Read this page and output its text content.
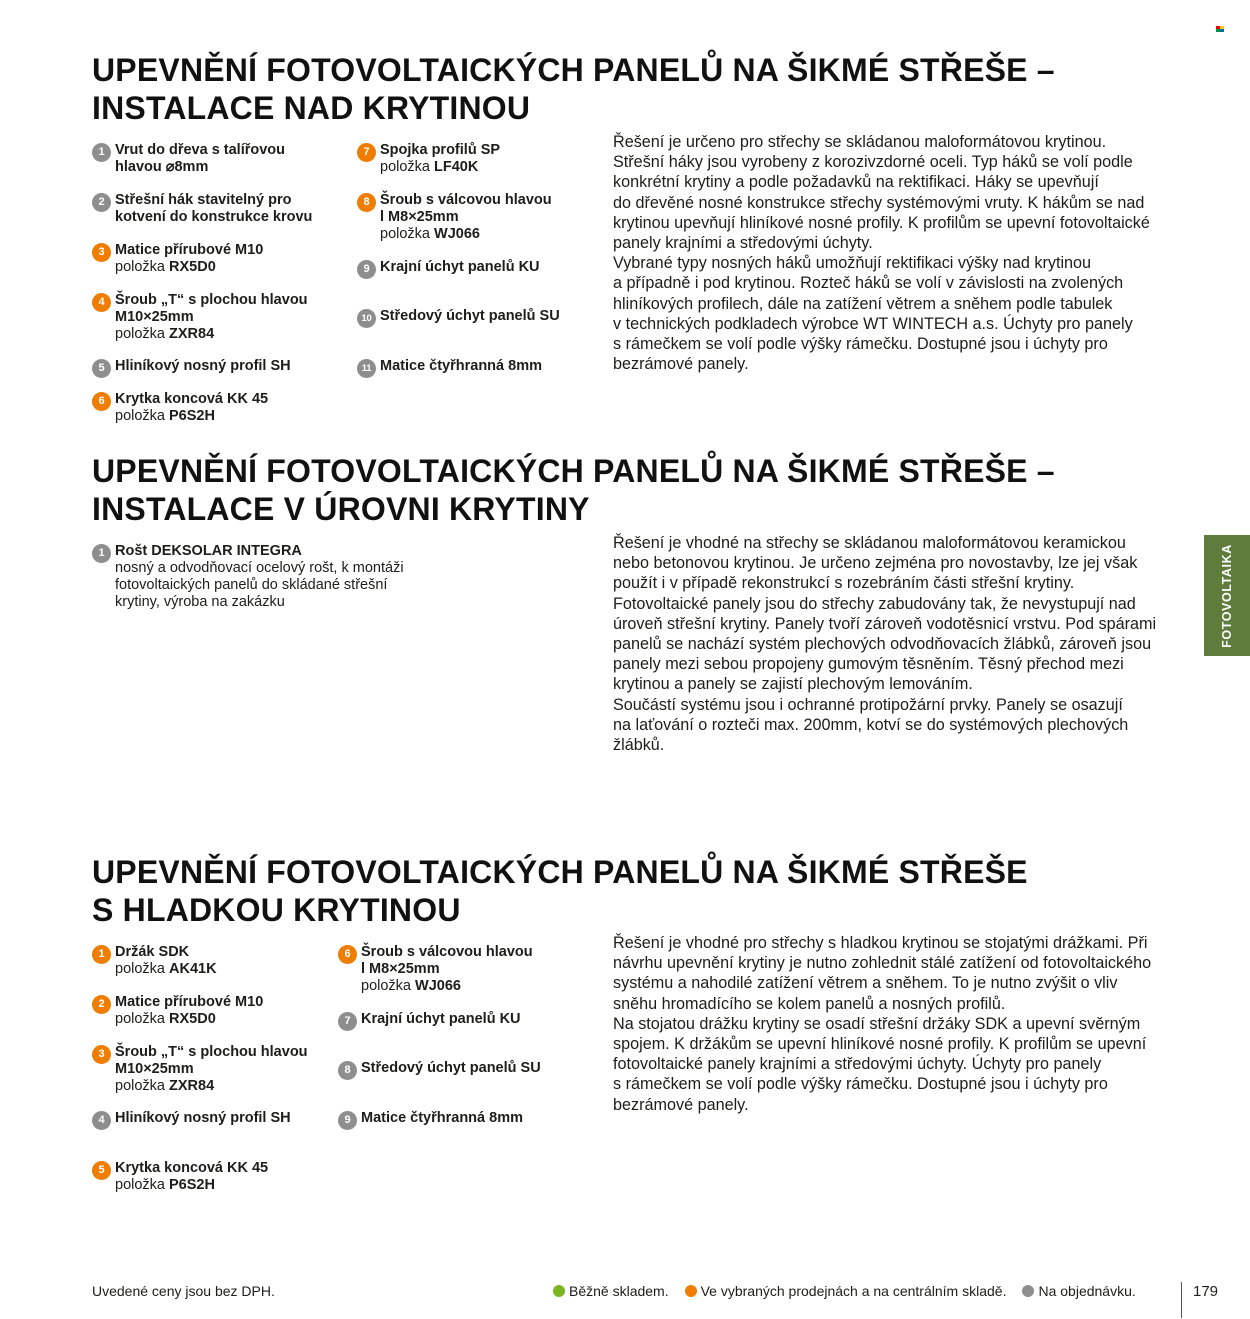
UPEVNĚNÍ FOTOVOLTAICKÝCH PANELŮ NA ŠIKMÉ STŘEŠE –
INSTALACE NAD KRYTINOU
1 Vrut do dřeva s talířovou
hlavou ⌀8mm
2 Střešní hák stavitelný pro
kotvení do konstrukce krovu
3 Matice přírubové M10
položka RX5D0
4 Šroub „T“ s plochou hlavou
M10×25mm
položka ZXR84
5 Hliníkový nosný profil SH
6 Krytka koncová KK 45
položka P6S2H
7 Spojka profilů SP
položka LF40K
8 Šroub s válcovou hlavou
l M8×25mm
položka WJ066
9 Krajní úchyt panelů KU
10 Středový úchyt panelů SU
11 Matice čtyřhranná 8mm
Řešení je určeno pro střechy se skládanou maloformátovou krytinou.
Střešní háky jsou vyrobeny z korozivzdorné oceli. Typ háků se volí podle
konkrétní krytiny a podle požadavků na rektifikaci. Háky se upevňují
do dřevěné nosné konstrukce střechy systémovými vruty. K hákům se nad
krytinou upevňují hliníkové nosné profily. K profilům se upevní fotovoltaické
panely krajními a středovými úchyty.
Vybrané typy nosných háků umožňují rektifikaci výšky nad krytinou
a případně i pod krytinou. Rozteč háků se volí v závislosti na zvolených
hliníkových profilech, dále na zatížení větrem a sněhem podle tabulek
v technických podkladech výrobce WT WINTECH a.s. Úchyty pro panely
s rámečkem se volí podle výšky rámečku. Dostupné jsou i úchyty pro
bezrámové panely.
UPEVNĚNÍ FOTOVOLTAICKÝCH PANELŮ NA ŠIKMÉ STŘEŠE –
INSTALACE V ÚROVNI KRYTINY
1 Rošt DEKSOLAR INTEGRA
nosný a odvodňovací ocelový rošt, k montáži
fotovoltaických panelů do skládané střešní
krytiny, výroba na zakázku
Řešení je vhodné na střechy se skládanou maloformátovou keramickou
nebo betonovou krytinou. Je určeno zejména pro novostavby, lze jej však
použít i v případě rekonstrukcí s rozebráním části střešní krytiny.
Fotovoltaické panely jsou do střechy zabudovány tak, že nevystupují nad
úroveň střešní krytiny. Panely tvoří zároveň vodotěsnicí vrstvu. Pod spárami
panelů se nachází systém plechových odvodňovacích žlábků, zároveň jsou
panely mezi sebou propojeny gumovým těsněním. Těsný přechod mezi
krytinou a panely se zajistí plechovým lemováním.
Součástí systému jsou i ochranné protipožární prvky. Panely se osazují
na laťování o rozteči max. 200mm, kotví se do systémových plechových
žlábků.
UPEVNĚNÍ FOTOVOLTAICKÝCH PANELŮ NA ŠIKMÉ STŘEŠE
S HLADKOU KRYTINOU
1 Držák SDK
položka AK41K
2 Matice přírubové M10
položka RX5D0
3 Šroub „T“ s plochou hlavou
M10×25mm
položka ZXR84
4 Hliníkový nosný profil SH
5 Krytka koncová KK 45
položka P6S2H
6 Šroub s válcovou hlavou
l M8×25mm
položka WJ066
7 Krajní úchyt panelů KU
8 Středový úchyt panelů SU
9 Matice čtyřhranná 8mm
Řešení je vhodné pro střechy s hladkou krytinou se stojatými drážkami. Při
návrhu upevnění krytiny je nutno zohlednit stálé zatížení od fotovoltaického
systému a nahodilé zatížení větrem a sněhem. To je nutno zvýšit o vliv
sněhu hromadícího se kolem panelů a nosných profilů.
Na stojatou drážku krytiny se osadí střešní držáky SDK a upevní svěrným
spojem. K držákům se upevní hliníkové nosné profily. K profilům se upevní
fotovoltaické panely krajními a středovými úchyty. Úchyty pro panely
s rámečkem se volí podle výšky rámečku. Dostupné jsou i úchyty pro
bezrámové panely.
FOTOVOLTAIKA
Uvedené ceny jsou bez DPH.	Běžně skladem. Ve vybraných prodejnách a na centrálním skladě. Na objednávku.	179
